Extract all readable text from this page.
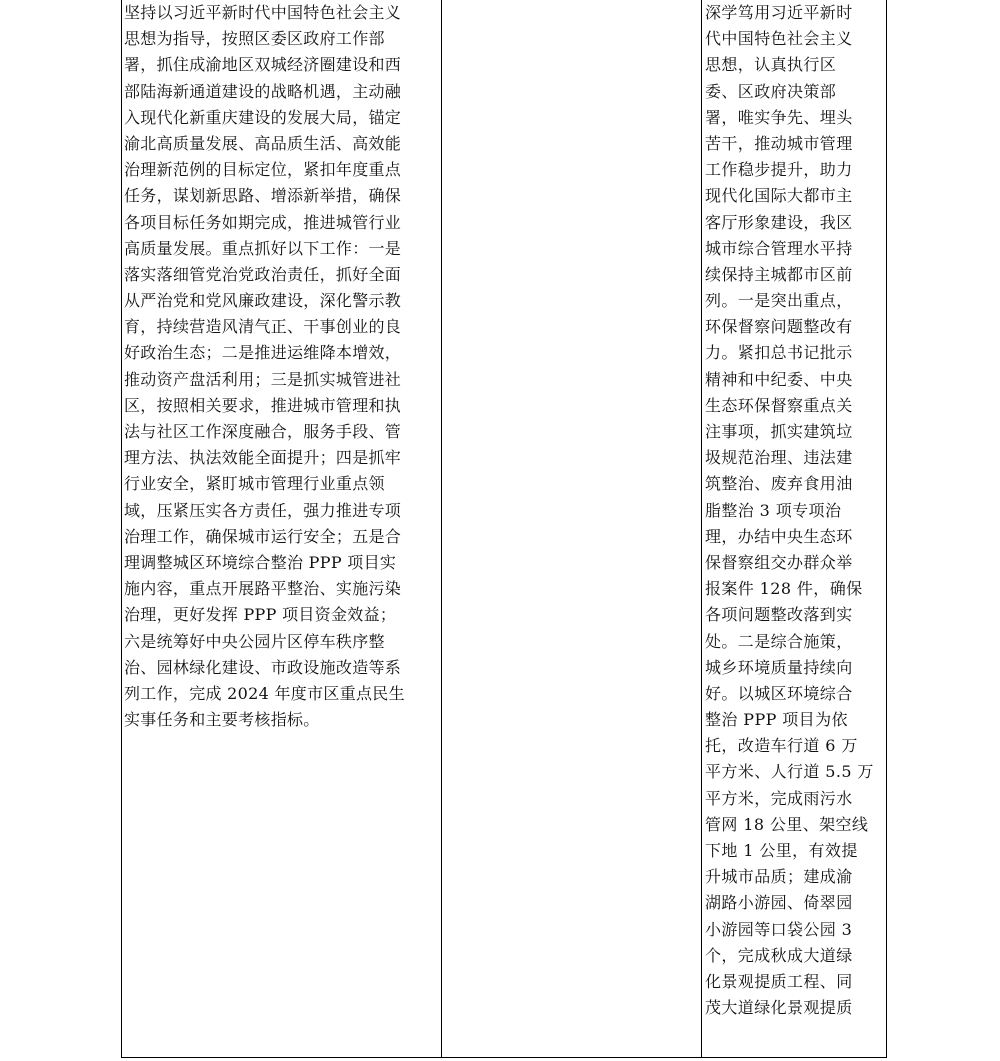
坚持以习近平新时代中国特色社会主义
思想为指导，按照区委区政府工作部
署，抓住成渝地区双城经济圈建设和西
部陆海新通道建设的战略机遇，主动融
入现代化新重庆建设的发展大局，锚定
渝北高质量发展、高品质生活、高效能
治理新范例的目标定位，紧扣年度重点
任务，谋划新思路、增添新举措，确保
各项目标任务如期完成，推进城管行业
高质量发展。重点抓好以下工作：一是
落实落细管党治党政治责任，抓好全面
从严治党和党风廉政建设，深化警示教
育，持续营造风清气正、干事创业的良
好政治生态；二是推进运维降本增效，
推动资产盘活利用；三是抓实城管进社
区，按照相关要求，推进城市管理和执
法与社区工作深度融合，服务手段、管
理方法、执法效能全面提升；四是抓牢
行业安全，紧盯城市管理行业重点领
域，压紧压实各方责任，强力推进专项
治理工作，确保城市运行安全；五是合
理调整城区环境综合整治 PPP 项目实
施内容，重点开展路平整治、实施污染
治理，更好发挥 PPP 项目资金效益；
六是统筹好中央公园片区停车秩序整
治、园林绿化建设、市政设施改造等系
列工作，完成 2024 年度市区重点民生
实事任务和主要考核指标。
深学笃用习近平新时
代中国特色社会主义
思想，认真执行区
委、区政府决策部
署，唯实争先、埋头
苦干，推动城市管理
工作稳步提升，助力
现代化国际大都市主
客厅形象建设，我区
城市综合管理水平持
续保持主城都市区前
列。一是突出重点，
环保督察问题整改有
力。紧扣总书记批示
精神和中纪委、中央
生态环保督察重点关
注事项，抓实建筑垃
圾规范治理、违法建
筑整治、废弃食用油
脂整治 3 项专项治
理，办结中央生态环
保督察组交办群众举
报案件 128 件，确保
各项问题整改落到实
处。二是综合施策，
城乡环境质量持续向
好。以城区环境综合
整治 PPP 项目为依
托，改造车行道 6 万
平方米、人行道 5.5 万
平方米，完成雨污水
管网 18 公里、架空线
下地 1 公里，有效提
升城市品质；建成渝
湖路小游园、倚翠园
小游园等口袋公园 3
个，完成秋成大道绿
化景观提质工程、同
茂大道绿化景观提质
